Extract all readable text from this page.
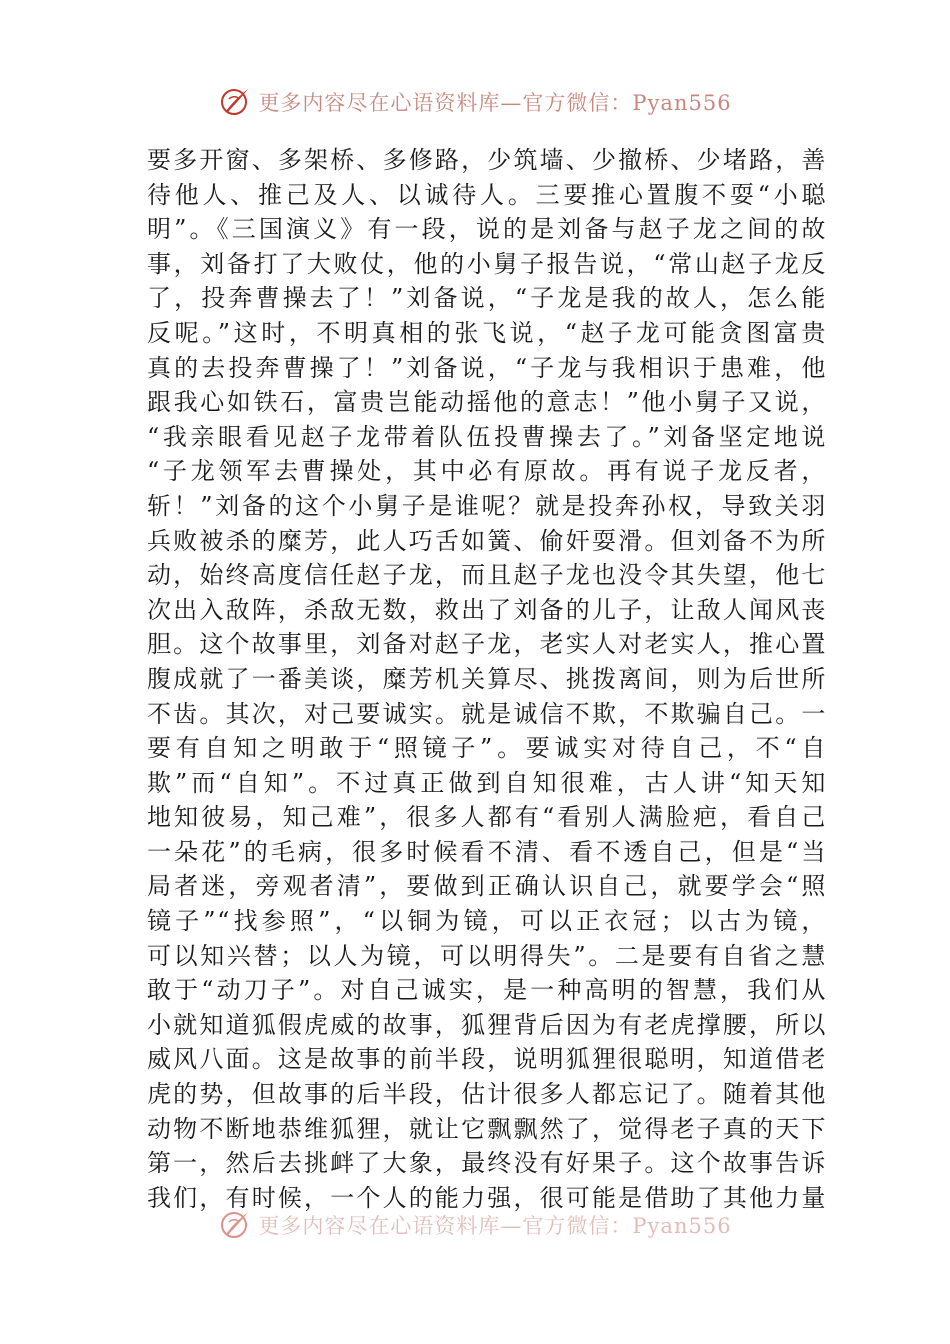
更多内容尽在心语资料库—官方微信：Pyan556
要多开窗、多架桥、多修路，少筑墙、少撤桥、少堵路，善
待他人、推己及人、以诚待人。三要推心置腹不耍“小聪
明”。《三国演义》有一段，说的是刘备与赵子龙之间的故
事，刘备打了大败仗，他的小舅子报告说，“常山赵子龙反
了，投奔曹操去了！”刘备说，“子龙是我的故人，怎么能
反呢。”这时，不明真相的张飞说，“赵子龙可能贪图富贵
真的去投奔曹操了！”刘备说，“子龙与我相识于患难，他
跟我心如铁石，富贵岂能动摇他的意志！”他小舅子又说，
“我亲眼看见赵子龙带着队伍投曹操去了。”刘备坚定地说
“子龙领军去曹操处，其中必有原故。再有说子龙反者，
斩！”刘备的这个小舅子是谁呢？就是投奔孙权，导致关羽
兵败被杀的糜芳，此人巧舌如簧、偷奸耍滑。但刘备不为所
动，始终高度信任赵子龙，而且赵子龙也没令其失望，他七
次出入敌阵，杀敌无数，救出了刘备的儿子，让敌人闻风丧
胆。这个故事里，刘备对赵子龙，老实人对老实人，推心置
腹成就了一番美谈，糜芳机关算尽、挑拨离间，则为后世所
不齿。其次，对己要诚实。就是诚信不欺，不欺骗自己。一
要有自知之明敢于“照镜子”。要诚实对待自己，不“自
欺”而“自知”。不过真正做到自知很难，古人讲“知天知
地知彼易，知己难”，很多人都有“看别人满脸疤，看自己
一朵花”的毛病，很多时候看不清、看不透自己，但是“当
局者迷，旁观者清”，要做到正确认识自己，就要学会“照
镜子”“找参照”，“以铜为镜，可以正衣冠；以古为镜，
可以知兴替；以人为镜，可以明得失”。二是要有自省之慧
敢于“动刀子”。对自己诚实，是一种高明的智慧，我们从
小就知道狐假虎威的故事，狐狸背后因为有老虎撑腰，所以
威风八面。这是故事的前半段，说明狐狸很聪明，知道借老
虎的势，但故事的后半段，估计很多人都忘记了。随着其他
动物不断地恭维狐狸，就让它飘飘然了，觉得老子真的天下
第一，然后去挑衅了大象，最终没有好果子。这个故事告诉
我们，有时候，一个人的能力强，很可能是借助了其他力量
更多内容尽在心语资料库—官方微信：Pyan556
